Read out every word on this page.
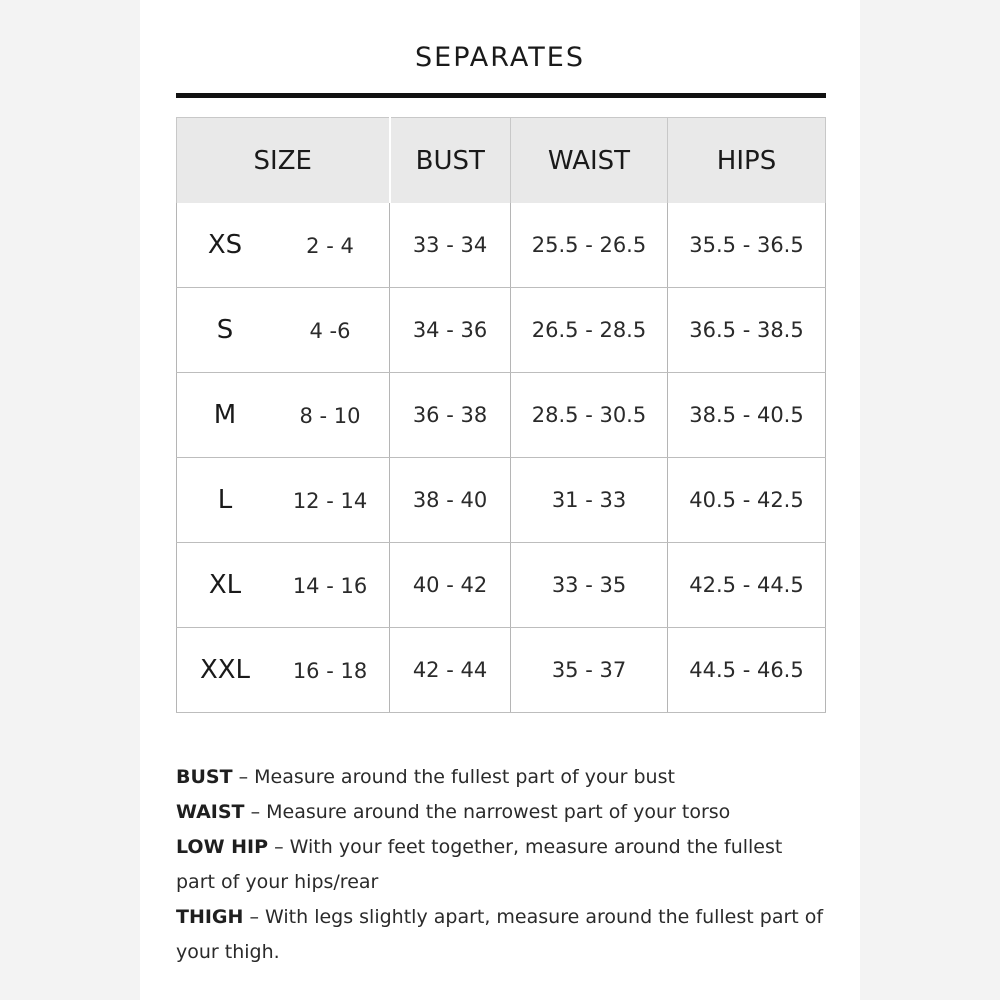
SEPARATES
SIZE	BUST	WAIST	HIPS
XS 2 - 4	33 - 34	25.5 - 26.5	35.5 - 36.5
S 4 -6	34 - 36	26.5 - 28.5	36.5 - 38.5
M 8 - 10	36 - 38	28.5 - 30.5	38.5 - 40.5
L 12 - 14	38 - 40	31 - 33	40.5 - 42.5
XL 14 - 16	40 - 42	33 - 35	42.5 - 44.5
XXL 16 - 18	42 - 44	35 - 37	44.5 - 46.5

BUST – Measure around the fullest part of your bust

WAIST – Measure around the narrowest part of your torso

LOW HIP – With your feet together, measure around the fullest part of your hips/rear

THIGH – With legs slightly apart, measure around the fullest part of your thigh.
